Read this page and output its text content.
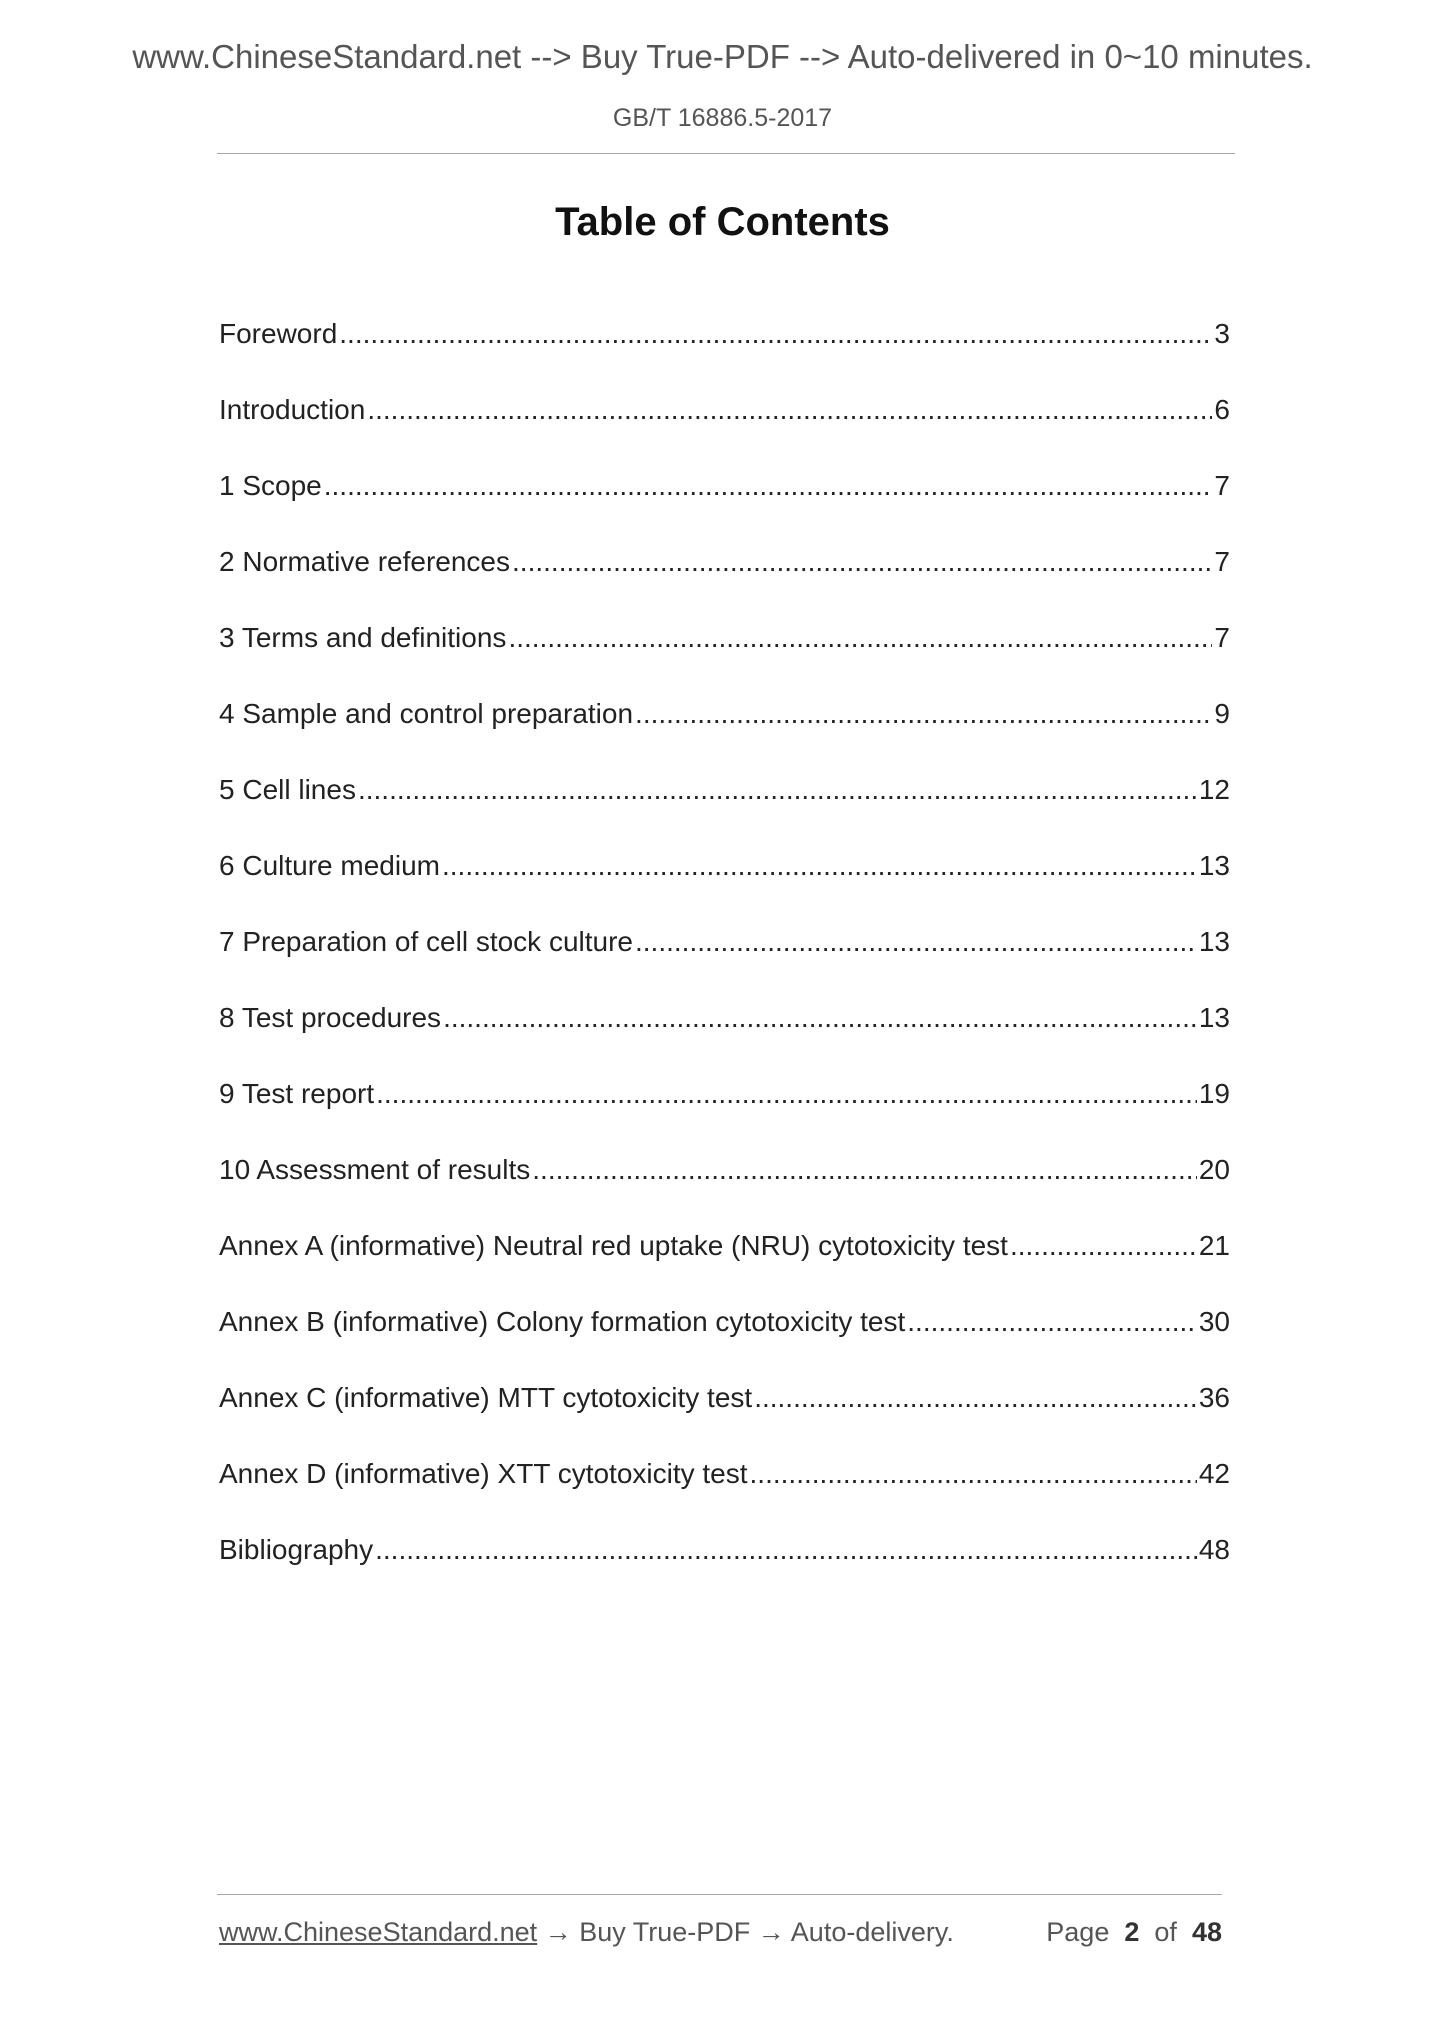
www.ChineseStandard.net --> Buy True-PDF --> Auto-delivered in 0~10 minutes.
GB/T 16886.5-2017
Table of Contents
Foreword .....	3
Introduction .....	6
1 Scope .....	7
2 Normative references .....	7
3 Terms and definitions .....	7
4 Sample and control preparation .....	9
5 Cell lines .....	12
6 Culture medium .....	13
7 Preparation of cell stock culture .....	13
8 Test procedures .....	13
9 Test report .....	19
10 Assessment of results .....	20
Annex A (informative) Neutral red uptake (NRU) cytotoxicity test .....	21
Annex B (informative) Colony formation cytotoxicity test .....	30
Annex C (informative) MTT cytotoxicity test .....	36
Annex D (informative) XTT cytotoxicity test .....	42
Bibliography .....	48
www.ChineseStandard.net → Buy True-PDF → Auto-delivery.	Page 2 of 48
